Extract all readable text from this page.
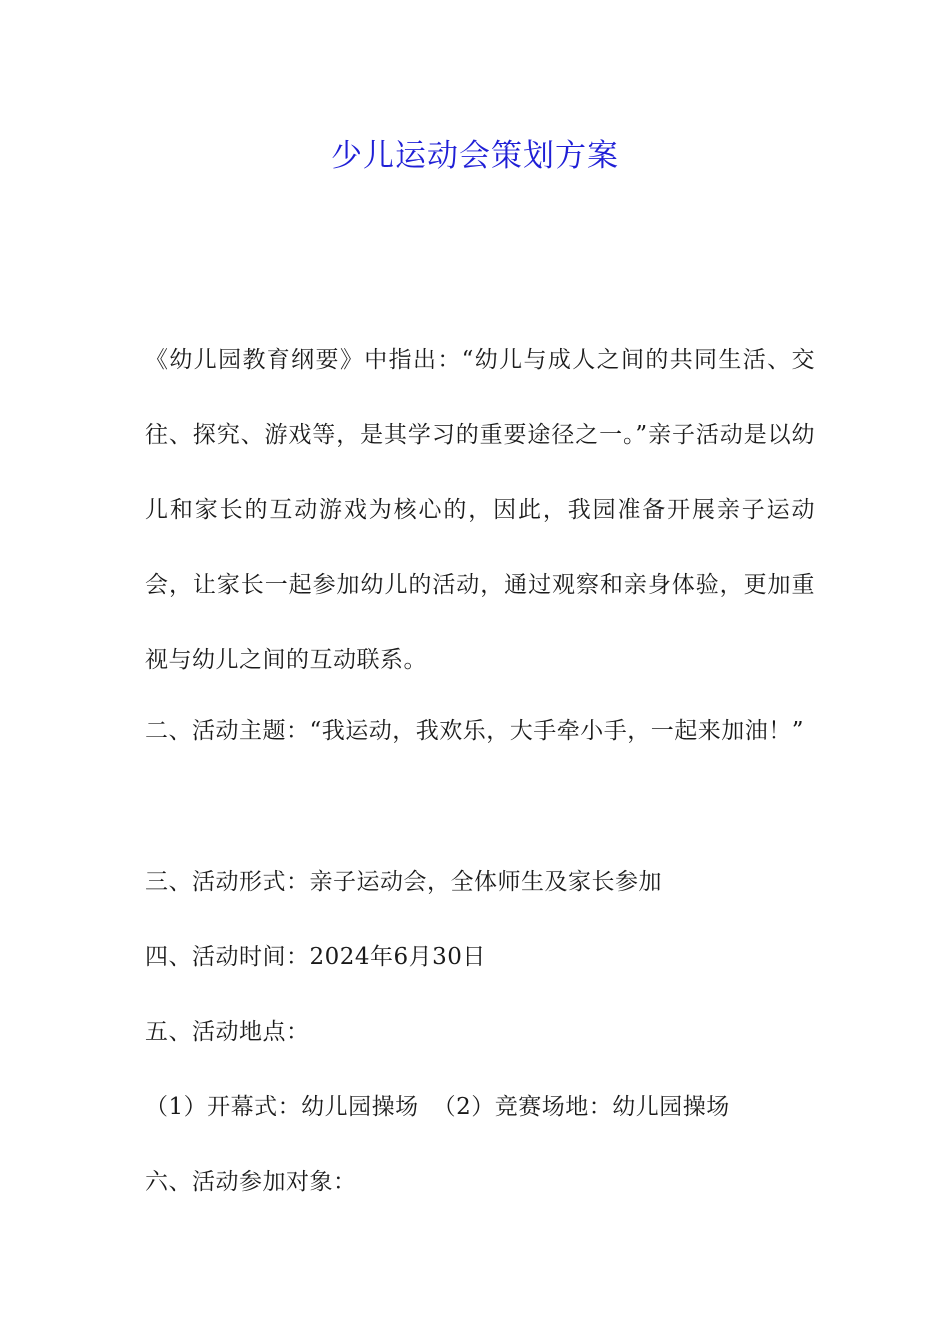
少儿运动会策划方案

《幼儿园教育纲要》中指出：“幼儿与成人之间的共同生活、交往、探究、游戏等，是其学习的重要途径之一。”亲子活动是以幼儿和家长的互动游戏为核心的，因此，我园准备开展亲子运动会，让家长一起参加幼儿的活动，通过观察和亲身体验，更加重视与幼儿之间的互动联系。

二、活动主题：“我运动，我欢乐，大手牵小手，一起来加油！”

三、活动形式：亲子运动会，全体师生及家长参加

四、活动时间：2024年6月30日

五、活动地点：

（1）开幕式：幼儿园操场 （2）竞赛场地：幼儿园操场

六、活动参加对象：
